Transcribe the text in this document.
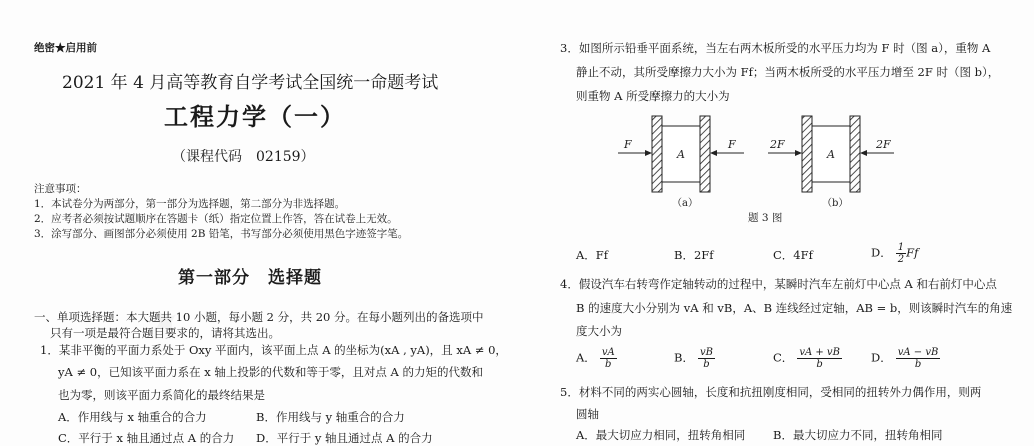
绝密★启用前
2021 年 4 月高等教育自学考试全国统一命题考试
工程力学（一）
（课程代码　02159）
注意事项：
1．本试卷分为两部分，第一部分为选择题，第二部分为非选择题。
2．应考者必须按试题顺序在答题卡（纸）指定位置上作答，答在试卷上无效。
3．涂写部分、画图部分必须使用 2B 铅笔，书写部分必须使用黑色字迹签字笔。
第一部分　选择题
一、单项选择题：本大题共 10 小题，每小题 2 分，共 20 分。在每小题列出的备选项中
只有一项是最符合题目要求的，请将其选出。
1．某非平衡的平面力系处于 Oxy 平面内，该平面上点 A 的坐标为(xA , yA)，且 xA ≠ 0，
yA ≠ 0，已知该平面力系在 x 轴上投影的代数和等于零，且对点 A 的力矩的代数和
也为零，则该平面力系简化的最终结果是
A．作用线与 x 轴重合的合力	B．作用线与 y 轴重合的合力
C．平行于 x 轴且通过点 A 的合力 D．平行于 y 轴且通过点 A 的合力
3．如图所示铅垂平面系统，当左右两木板所受的水平压力均为 F 时（图 a），重物 A
静止不动，其所受摩擦力大小为 Ff；当两木板所受的水平压力增至 2F 时（图 b），
则重物 A 所受摩擦力的大小为
F	F
A
2F	2F
A
（a）	（b）
题 3 图
A．Ff	B．2Ff	C．4Ff	D． $\frac{1}{2}$ Ff
4．假设汽车右转弯作定轴转动的过程中，某瞬时汽车左前灯中心点 A 和右前灯中心点
B 的速度大小分别为 vA 和 vB，A、B 连线经过定轴，AB = b，则该瞬时汽车的角速
度大小为
A． $\frac{vA}{b}$	B． $\frac{vB}{b}$	C． $\frac{vA + vB}{b}$	D． $\frac{vA - vB}{b}$
5．材料不同的两实心圆轴，长度和抗扭刚度相同，受相同的扭转外力偶作用，则两
圆轴
A．最大切应力相同，扭转角相同 B．最大切应力不同，扭转角相同
